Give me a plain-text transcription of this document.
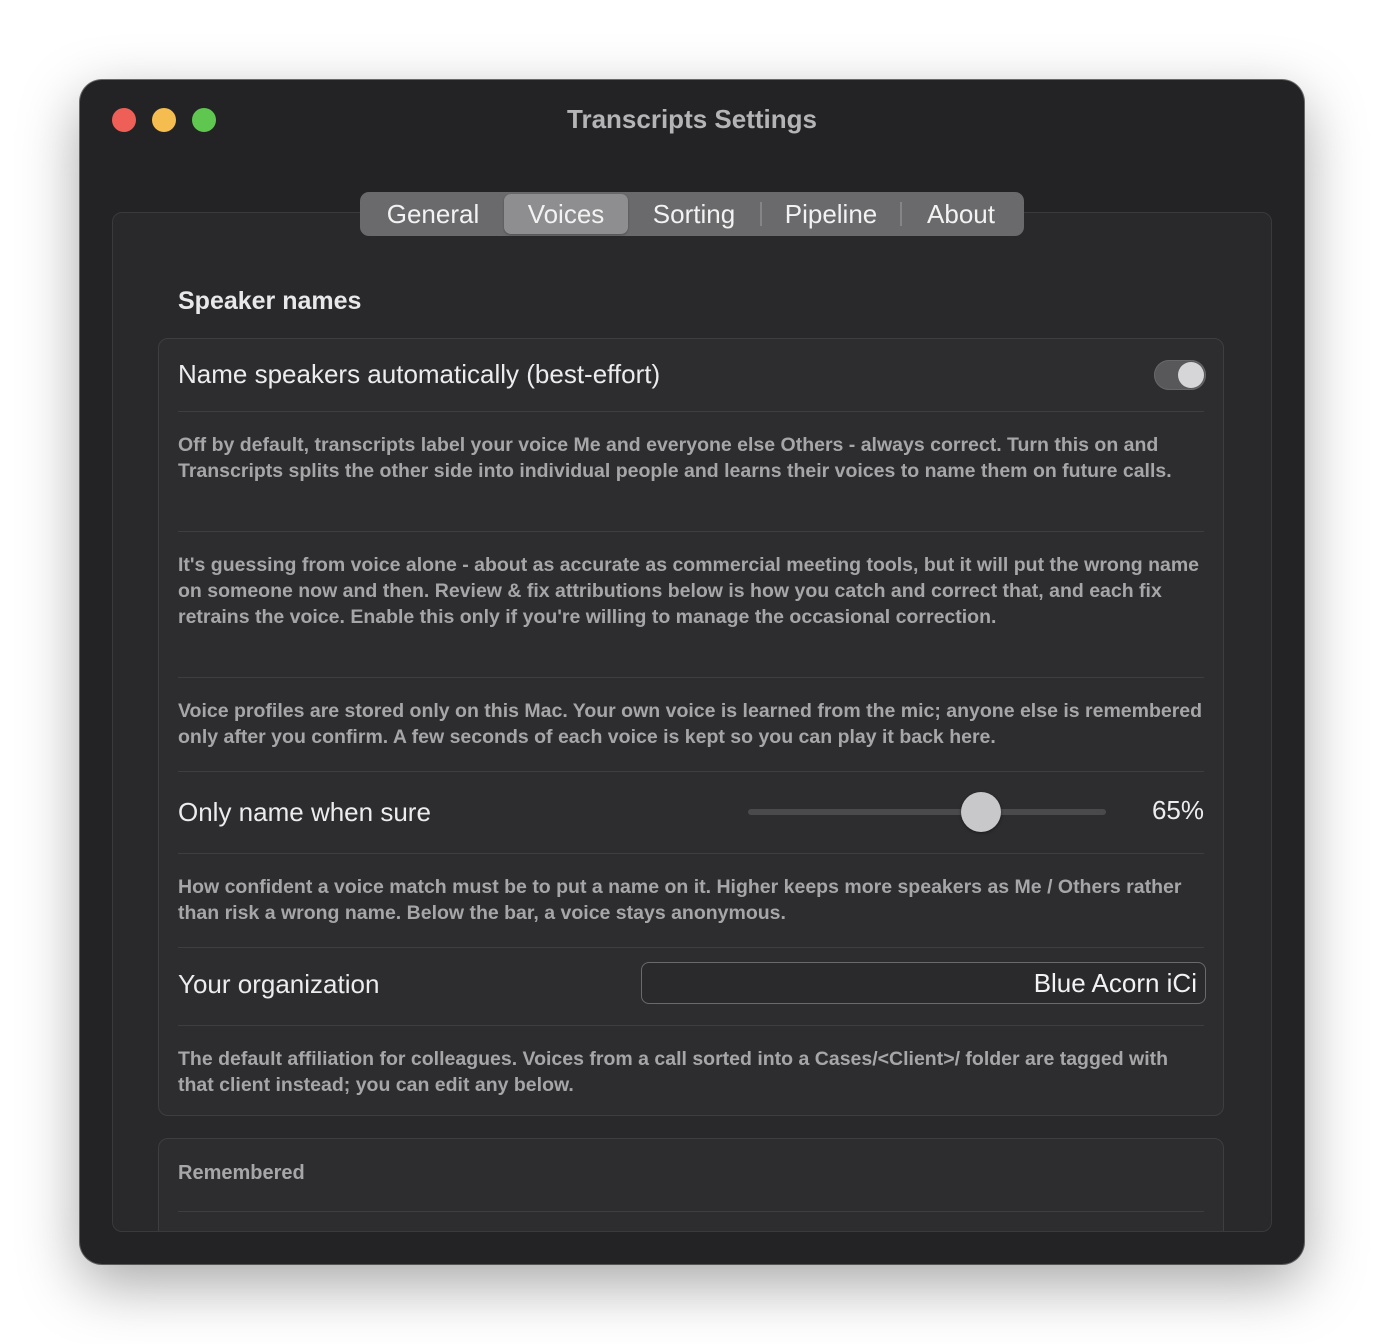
Transcripts Settings
General	Voices	Sorting	Pipeline	About
Speaker names
Name speakers automatically (best-effort)
Off by default, transcripts label your voice Me and everyone else Others - always correct. Turn this on and Transcripts splits the other side into individual people and learns their voices to name them on future calls.
It's guessing from voice alone - about as accurate as commercial meeting tools, but it will put the wrong name on someone now and then. Review & fix attributions below is how you catch and correct that, and each fix retrains the voice. Enable this only if you're willing to manage the occasional correction.
Voice profiles are stored only on this Mac. Your own voice is learned from the mic; anyone else is remembered only after you confirm. A few seconds of each voice is kept so you can play it back here.
Only name when sure	65%
How confident a voice match must be to put a name on it. Higher keeps more speakers as Me / Others rather than risk a wrong name. Below the bar, a voice stays anonymous.
Your organization
Blue Acorn iCi
The default affiliation for colleagues. Voices from a call sorted into a Cases/<Client>/ folder are tagged with that client instead; you can edit any below.
Remembered
